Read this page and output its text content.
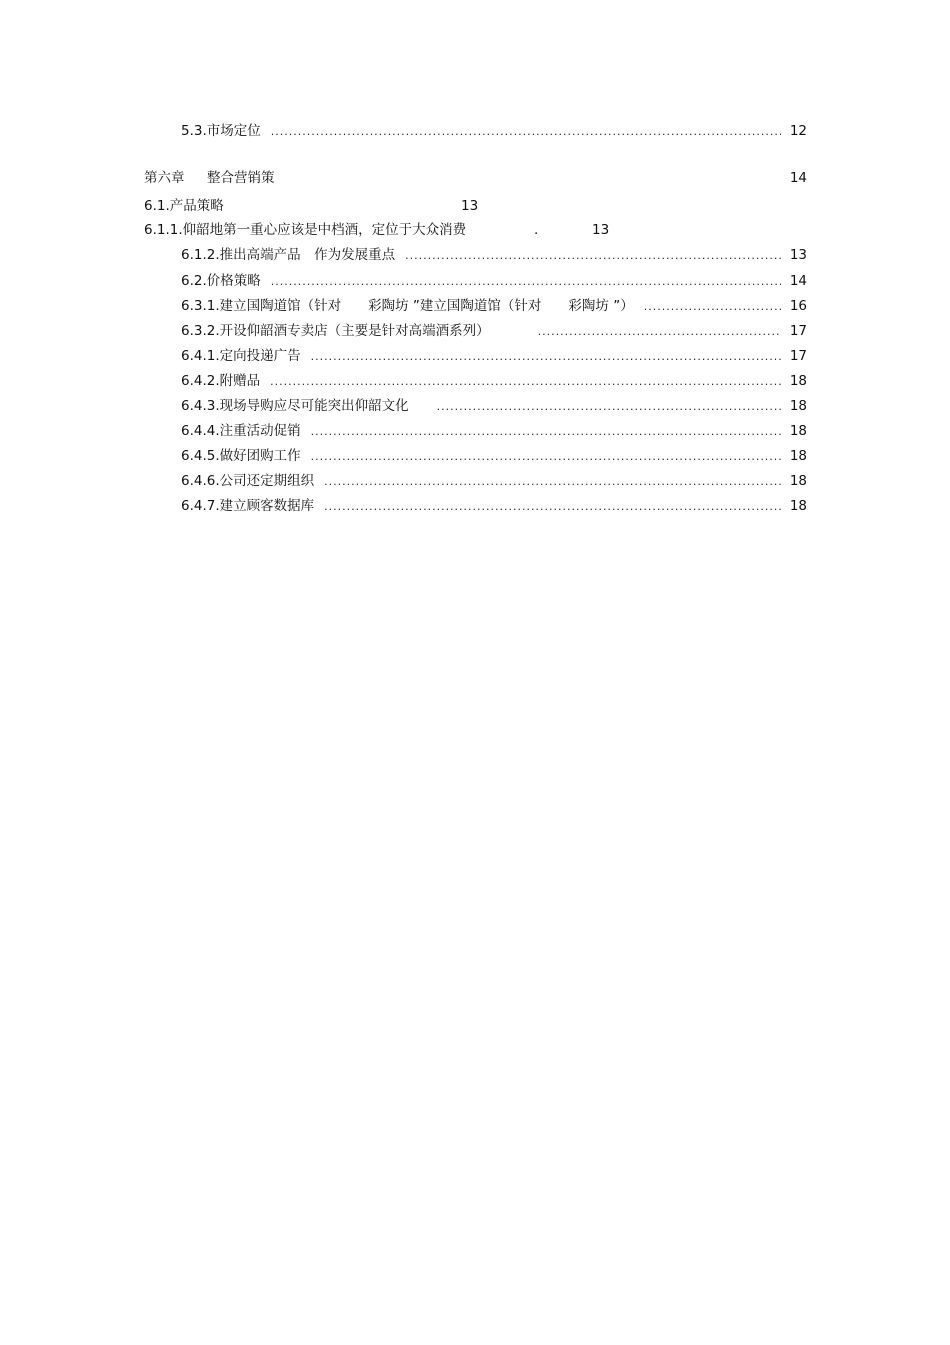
5.3.市场定位 .....	12
第六章 整合营销策	14
6.1.产品策略	13
6.1.1.仰韶地第一重心应该是中档酒，定位于大众消费	.	13
6.1.2.推出高端产品　作为发展重点 .....	13
6.2.价格策略 .....	14
6.3.1.建立国陶道馆（针对　　彩陶坊 ”建立国陶道馆（针对　　彩陶坊 ”） .....	16
6.3.2.开设仰韶酒专卖店（主要是针对高端酒系列） .....	17
6.4.1.定向投递广告 .....	17
6.4.2.附赠品 .....	18
6.4.3.现场导购应尽可能突出仰韶文化 .....	18
6.4.4.注重活动促销 .....	18
6.4.5.做好团购工作 .....	18
6.4.6.公司还定期组织 .....	18
6.4.7.建立顾客数据库 .....	18
